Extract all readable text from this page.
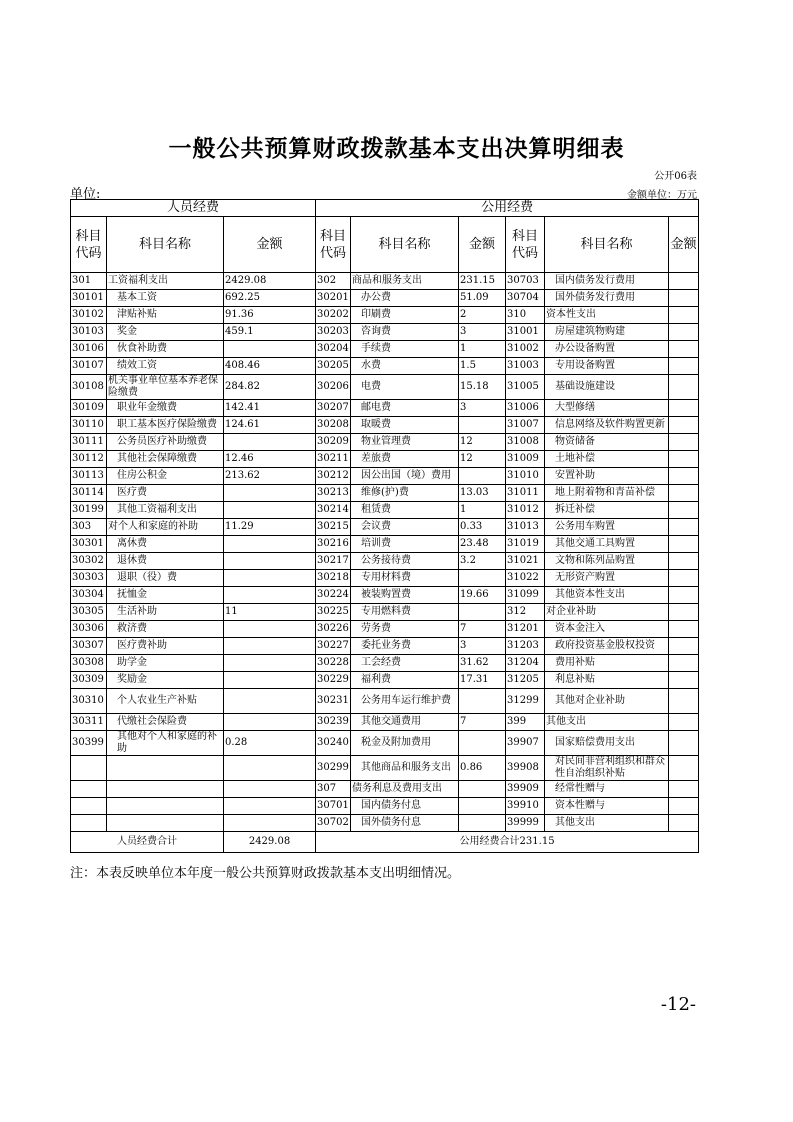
一般公共预算财政拨款基本支出决算明细表
公开06表
单位:	金额单位：万元
人员经费			公用经费					
科目代码	科目名称	金额	科目代码	科目名称	金额	科目代码	科目名称	金额
301	工资福利支出	2429.08	302	商品和服务支出	231.15	30703	国内债务发行费用	
30101	基本工资	692.25	30201	办公费	51.09	30704	国外债务发行费用	
30102	津贴补贴	91.36	30202	印刷费	2	310	资本性支出	
30103	奖金	459.1	30203	咨询费	3	31001	房屋建筑物购建	
30106	伙食补助费		30204	手续费	1	31002	办公设备购置	
30107	绩效工资	408.46	30205	水费	1.5	31003	专用设备购置	
30108	机关事业单位基本养老保险缴费	284.82	30206	电费	15.18	31005	基础设施建设	
30109	职业年金缴费	142.41	30207	邮电费	3	31006	大型修缮	
30110	职工基本医疗保险缴费	124.61	30208	取暖费		31007	信息网络及软件购置更新	
30111	公务员医疗补助缴费		30209	物业管理费	12	31008	物资储备	
30112	其他社会保障缴费	12.46	30211	差旅费	12	31009	土地补偿	
30113	住房公积金	213.62	30212	因公出国（境）费用		31010	安置补助	
30114	医疗费		30213	维修(护)费	13.03	31011	地上附着物和青苗补偿	
30199	其他工资福利支出		30214	租赁费	1	31012	拆迁补偿	
303	对个人和家庭的补助	11.29	30215	会议费	0.33	31013	公务用车购置	
30301	离休费		30216	培训费	23.48	31019	其他交通工具购置	
30302	退休费		30217	公务接待费	3.2	31021	文物和陈列品购置	
30303	退职（役）费		30218	专用材料费		31022	无形资产购置	
30304	抚恤金		30224	被装购置费	19.66	31099	其他资本性支出	
30305	生活补助	11	30225	专用燃料费		312	对企业补助	
30306	救济费		30226	劳务费	7	31201	资本金注入	
30307	医疗费补助		30227	委托业务费	3	31203	政府投资基金股权投资	
30308	助学金		30228	工会经费	31.62	31204	费用补贴	
30309	奖励金		30229	福利费	17.31	31205	利息补贴	
30310	个人农业生产补贴		30231	公务用车运行维护费		31299	其他对企业补助	
30311	代缴社会保险费		30239	其他交通费用	7	399	其他支出	
30399	其他对个人和家庭的补助	0.28	30240	税金及附加费用		39907	国家赔偿费用支出	
			30299	其他商品和服务支出	0.86	39908	对民间非营利组织和群众性自治组织补贴	
			307	债务利息及费用支出		39909	经常性赠与	
			30701	国内债务付息		39910	资本性赠与	
			30702	国外债务付息		39999	其他支出	
人员经费合计		2429.08	公用经费合计231.15					
注：本表反映单位本年度一般公共预算财政拨款基本支出明细情况。
-12-
